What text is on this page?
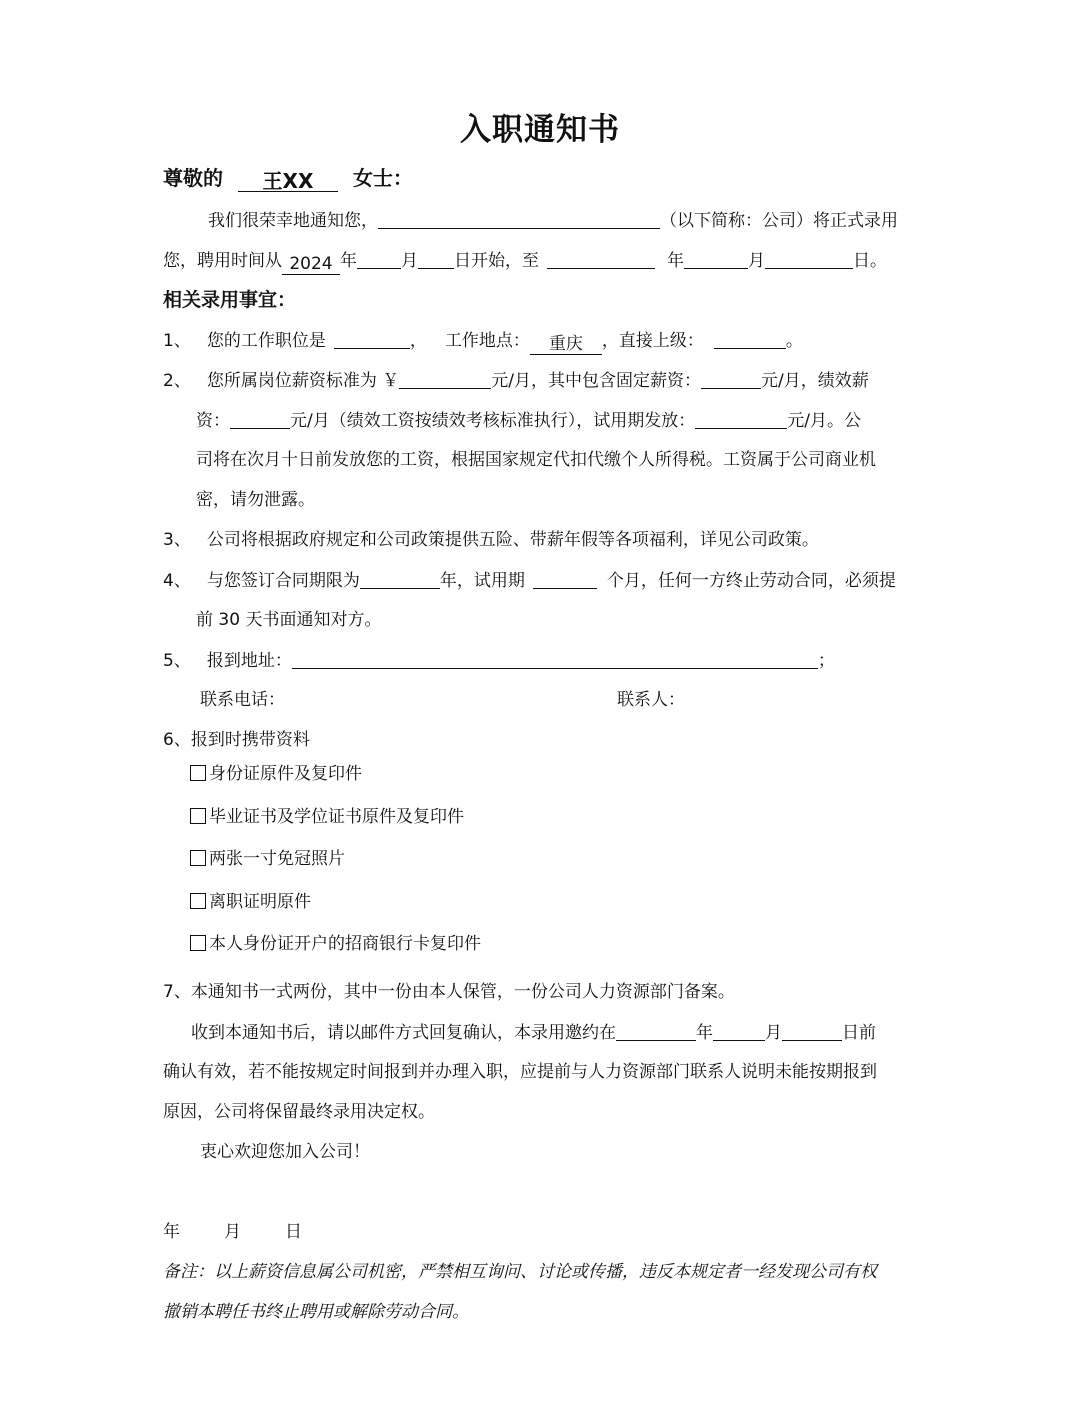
入职通知书
尊敬的 王XX 女士：
我们很荣幸地通知您，	（以下简称：公司）将正式录用
您，聘用时间从 2024 年	月 日开始，至	年	月	日。
相关录用事宜：
1、 您的工作职位是	， 工作地点： 重庆 ，直接上级：	。
2、 您所属岗位薪资标准为 ￥	元/月，其中包含固定薪资：	元/月，绩效薪
资：	元/月（绩效工资按绩效考核标准执行），试用期发放：	元/月。公
司将在次月十日前发放您的工资，根据国家规定代扣代缴个人所得税。工资属于公司商业机
密，请勿泄露。
3、 公司将根据政府规定和公司政策提供五险、带薪年假等各项福利，详见公司政策。
4、 与您签订合同期限为	年，试用期	个月，任何一方终止劳动合同，必须提
前 30 天书面通知对方。
5、 报到地址：	；
联系电话：	联系人：
6、报到时携带资料
身份证原件及复印件
毕业证书及学位证书原件及复印件
两张一寸免冠照片
离职证明原件
本人身份证开户的招商银行卡复印件
7、本通知书一式两份，其中一份由本人保管，一份公司人力资源部门备案。
收到本通知书后，请以邮件方式回复确认，本录用邀约在	年	月	日前
确认有效，若不能按规定时间报到并办理入职，应提前与人力资源部门联系人说明未能按期报到
原因，公司将保留最终录用决定权。
衷心欢迎您加入公司！
年	月	日
备注：以上薪资信息属公司机密，严禁相互询问、讨论或传播，违反本规定者一经发现公司有权
撤销本聘任书终止聘用或解除劳动合同。
